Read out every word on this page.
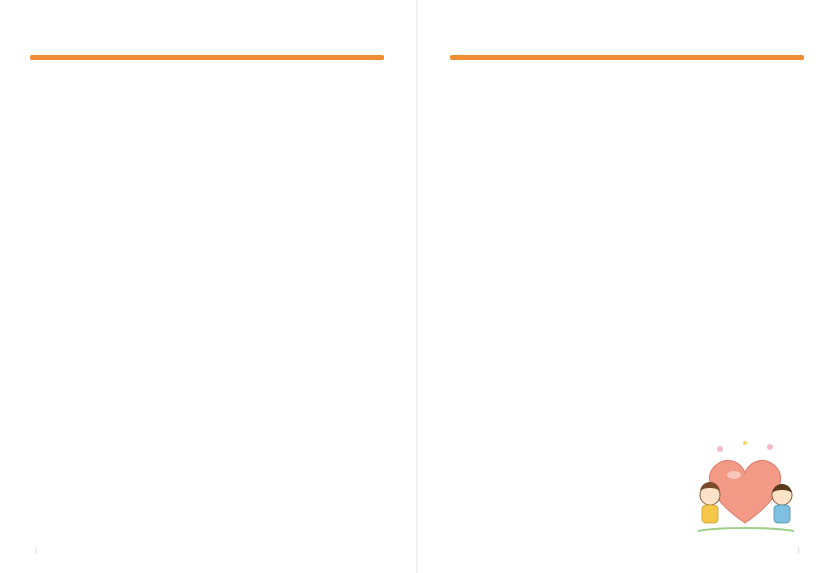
|	|
